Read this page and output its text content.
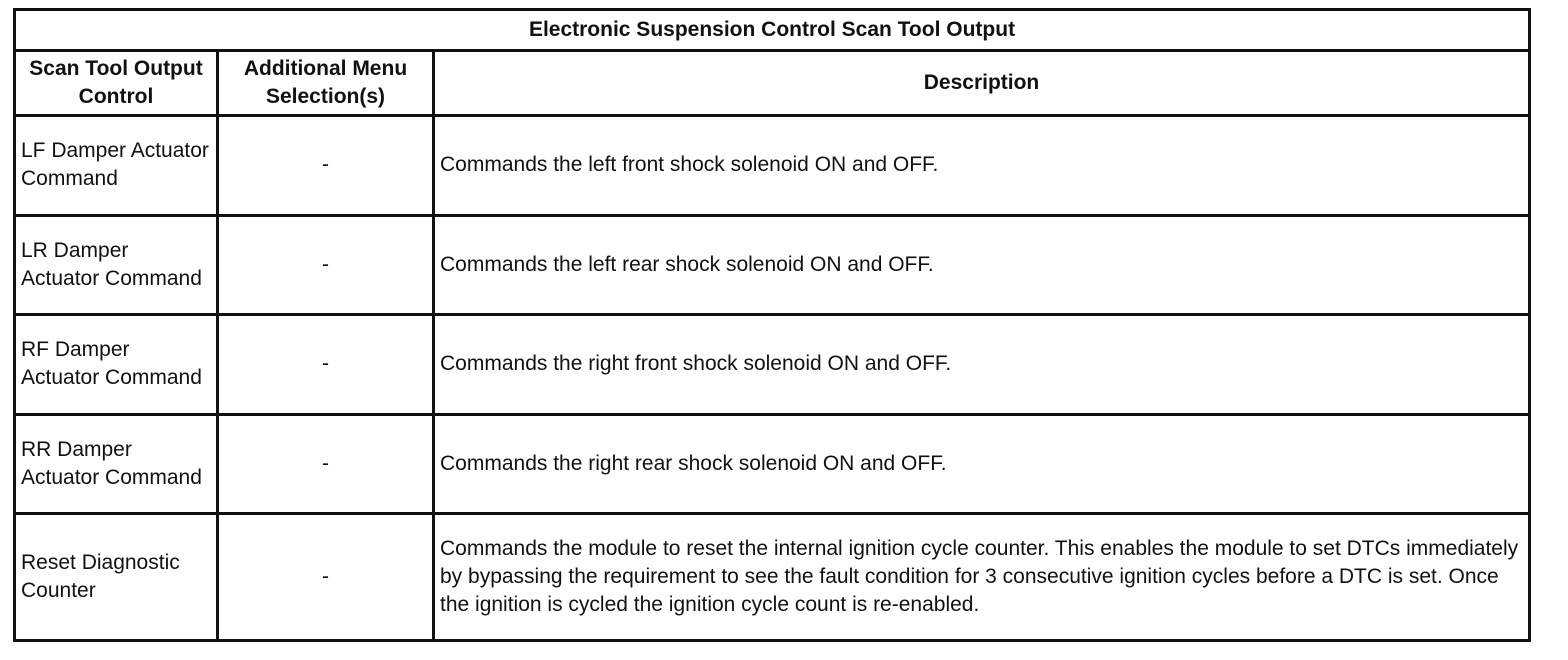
Electronic Suspension Control Scan Tool Output		
Scan Tool Output Control	Additional Menu Selection(s)	Description
LF Damper Actuator Command	-	Commands the left front shock solenoid ON and OFF.
LR Damper Actuator Command	-	Commands the left rear shock solenoid ON and OFF.
RF Damper Actuator Command	-	Commands the right front shock solenoid ON and OFF.
RR Damper Actuator Command	-	Commands the right rear shock solenoid ON and OFF.
Reset Diagnostic Counter	-	Commands the module to reset the internal ignition cycle counter. This enables the module to set DTCs immediately by bypassing the requirement to see the fault condition for 3 consecutive ignition cycles before a DTC is set. Once the ignition is cycled the ignition cycle count is re-enabled.
